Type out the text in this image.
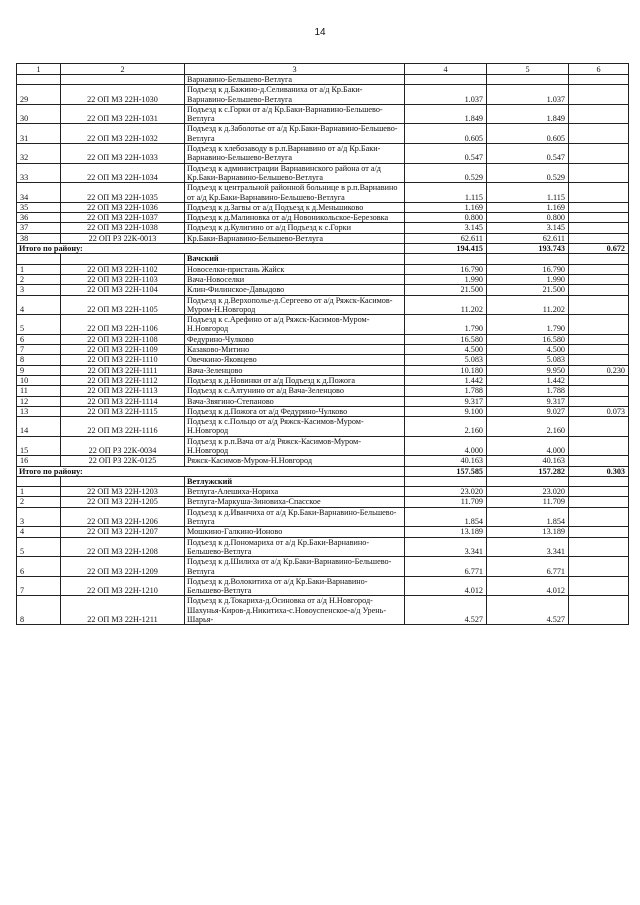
14
1	2	3	4	5	6
		Варнавино-Бельшево-Ветлуга			
29	22 ОП МЗ 22Н-1030	Подъезд к д.Бажино-д.Селиваниха от а/д Кр.Баки-Варнавино-Бельшево-Ветлуга	1.037	1.037	
30	22 ОП МЗ 22Н-1031	Подъезд к с.Горки от а/д Кр.Баки-Варнавино-Бельшево-Ветлуга	1.849	1.849	
31	22 ОП МЗ 22Н-1032	Подъезд к д.Заболотье от а/д Кр.Баки-Варнавино-Бельшево-Ветлуга	0.605	0.605	
32	22 ОП МЗ 22Н-1033	Подъезд к хлебозаводу в р.п.Варнавино от а/д Кр.Баки-Варнавино-Бельшево-Ветлуга	0.547	0.547	
33	22 ОП МЗ 22Н-1034	Подъезд к администрации Варнавинского района от а/д Кр.Баки-Варнавино-Бельшево-Ветлуга	0.529	0.529	
34	22 ОП МЗ 22Н-1035	Подъезд к центральной районной больнице в р.п.Варнавино от а/д Кр.Баки-Варнавино-Бельшево-Ветлуга	1.115	1.115	
35	22 ОП МЗ 22Н-1036	Подъезд к д.Загвы от а/д Подъезд к д.Меньшиково	1.169	1.169	
36	22 ОП МЗ 22Н-1037	Подъезд к д.Малиновка от а/д Новоникольское-Березовка	0.800	0.800	
37	22 ОП МЗ 22Н-1038	Подъезд к д.Кулигино от а/д Подъезд к с.Горки	3.145	3.145	
38	22 ОП РЗ 22К-0013	Кр.Баки-Варнавино-Бельшево-Ветлуга	62.611	62.611	
Итого по району:			194.415	193.743	0.672
		Вачский			
1	22 ОП МЗ 22Н-1102	Новоселки-пристань Жайск	16.790	16.790	
2	22 ОП МЗ 22Н-1103	Вача-Новоселки	1.990	1.990	
3	22 ОП МЗ 22Н-1104	Клин-Филинское-Давыдово	21.500	21.500	
4	22 ОП МЗ 22Н-1105	Подъезд к д.Верхополье-д.Сергеево от а/д Ряжск-Касимов-Муром-Н.Новгород	11.202	11.202	
5	22 ОП МЗ 22Н-1106	Подъезд к с.Арефино от а/д Ряжск-Касимов-Муром-Н.Новгород	1.790	1.790	
6	22 ОП МЗ 22Н-1108	Федурино-Чулково	16.580	16.580	
7	22 ОП МЗ 22Н-1109	Казаково-Митино	4.500	4.500	
8	22 ОП МЗ 22Н-1110	Овечкино-Яковцево	5.083	5.083	
9	22 ОП МЗ 22Н-1111	Вача-Зеленцово	10.180	9.950	0.230
10	22 ОП МЗ 22Н-1112	Подъезд к д.Новинки от а/д Подъезд к д.Пожога	1.442	1.442	
11	22 ОП МЗ 22Н-1113	Подъезд к с.Алтунино от а/д Вача-Зеленцово	1.788	1.788	
12	22 ОП МЗ 22Н-1114	Вача-Звягино-Степаново	9.317	9.317	
13	22 ОП МЗ 22Н-1115	Подъезд к д.Пожога от а/д Федурино-Чулково	9.100	9.027	0.073
14	22 ОП МЗ 22Н-1116	Подъезд к с.Польцо от а/д Ряжск-Касимов-Муром-Н.Новгород	2.160	2.160	
15	22 ОП РЗ 22К-0034	Подъезд к р.п.Вача от а/д Ряжск-Касимов-Муром-Н.Новгород	4.000	4.000	
16	22 ОП РЗ 22К-0125	Ряжск-Касимов-Муром-Н.Новгород	40.163	40.163	
Итого по району:			157.585	157.282	0.303
		Ветлужский			
1	22 ОП МЗ 22Н-1203	Ветлуга-Алешиха-Нориха	23.020	23.020	
2	22 ОП МЗ 22Н-1205	Ветлуга-Маркуша-Зиновиха-Спасское	11.709	11.709	
3	22 ОП МЗ 22Н-1206	Подъезд к д.Иванчиха от а/д Кр.Баки-Варнавино-Бельшево-Ветлуга	1.854	1.854	
4	22 ОП МЗ 22Н-1207	Мошкино-Галкино-Ионово	13.189	13.189	
5	22 ОП МЗ 22Н-1208	Подъезд к д.Пономариха от а/д Кр.Баки-Варнавино-Бельшево-Ветлуга	3.341	3.341	
6	22 ОП МЗ 22Н-1209	Подъезд к д.Шилиха от а/д Кр.Баки-Варнавино-Бельшево-Ветлуга	6.771	6.771	
7	22 ОП МЗ 22Н-1210	Подъезд к д.Волокитиха от а/д Кр.Баки-Варнавино-Бельшево-Ветлуга	4.012	4.012	
8	22 ОП МЗ 22Н-1211	Подъезд к д.Токариха-д.Осиновка от а/д Н.Новгород-Шахунья-Киров-д.Никитиха-с.Новоуспенское-а/д Урень-Шарья-	4.527	4.527	
